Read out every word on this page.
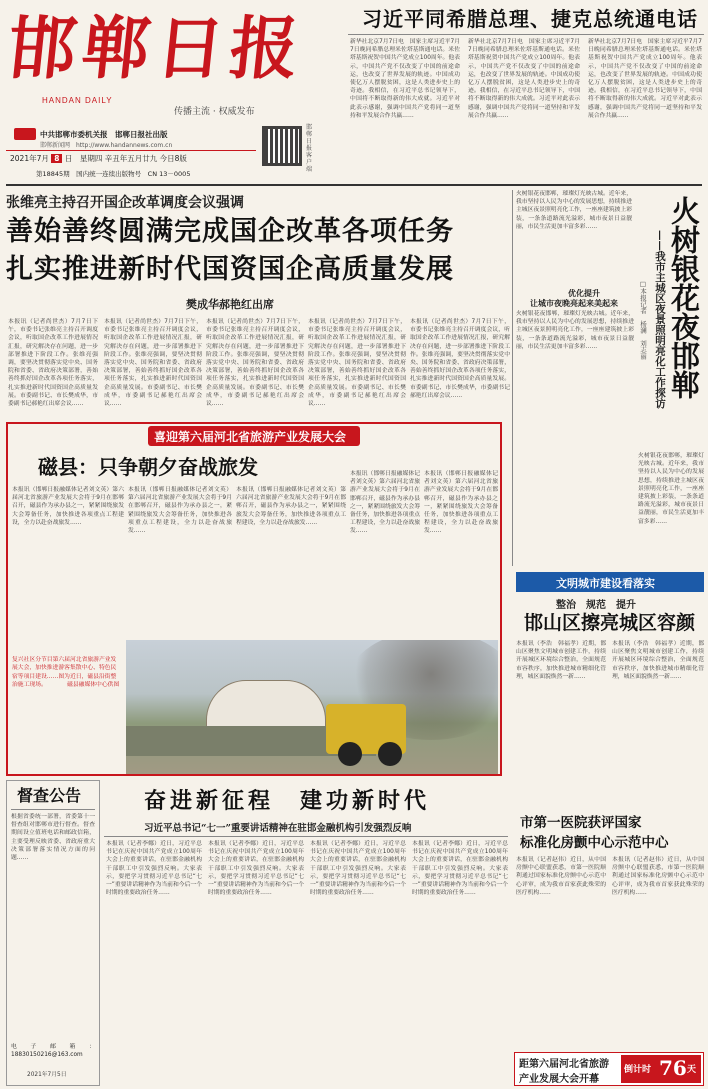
邯郸日报
HANDAN DAILY
传播主流 · 权威发布
中共邯郸市委机关报　邯郸日报社出版
邯郸新闻网　http://www.handannews.com.cn
2021年7月 8 日　星期四 辛丑年五月廿九 今日8版
第18845期　国内统一连续出版物号　CN 13－0005
邯郸日报客户端
习近平同希腊总理、捷克总统通电话
新华社北京7月7日电　国家主席习近平7月7日晚同希腊总理米佐塔基斯通电话。米佐塔基斯祝贺中国共产党成立100周年。他表示，中国共产党不仅改变了中国的前途命运，也改变了世界发展的轨迹。中国成功使亿万人摆脱贫困，这是人类进步史上的奇迹。我相信，在习近平总书记领导下，中国将不断取得新的伟大成就。习近平对此表示感谢，强调中国共产党将同一道坚持和平发展合作共赢……
新华社北京7月7日电　国家主席习近平7月7日晚同希腊总理米佐塔基斯通电话。米佐塔基斯祝贺中国共产党成立100周年。他表示，中国共产党不仅改变了中国的前途命运，也改变了世界发展的轨迹。中国成功使亿万人摆脱贫困，这是人类进步史上的奇迹。我相信，在习近平总书记领导下，中国将不断取得新的伟大成就。习近平对此表示感谢，强调中国共产党将同一道坚持和平发展合作共赢……
新华社北京7月7日电　国家主席习近平7月7日晚同希腊总理米佐塔基斯通电话。米佐塔基斯祝贺中国共产党成立100周年。他表示，中国共产党不仅改变了中国的前途命运，也改变了世界发展的轨迹。中国成功使亿万人摆脱贫困，这是人类进步史上的奇迹。我相信，在习近平总书记领导下，中国将不断取得新的伟大成就。习近平对此表示感谢，强调中国共产党将同一道坚持和平发展合作共赢……
张维亮主持召开国企改革调度会议强调
善始善终圆满完成国企改革各项任务
扎实推进新时代国资国企高质量发展
樊成华郝艳红出席
本报讯（记者尚世杰）7月7日下午，市委书记张维亮主持召开调度会议，听取国企改革工作进展情况汇报，研究解决存在问题，进一步部署推进下阶段工作。张维亮强调，要坚决贯彻落实党中央、国务院和省委、省政府决策部署，善始善终抓好国企改革各项任务落实，扎实推进新时代国资国企高质量发展。市委副书记、市长樊成华，市委副书记郝艳红出席会议……
本报讯（记者尚世杰）7月7日下午，市委书记张维亮主持召开调度会议，听取国企改革工作进展情况汇报，研究解决存在问题，进一步部署推进下阶段工作。张维亮强调，要坚决贯彻落实党中央、国务院和省委、省政府决策部署，善始善终抓好国企改革各项任务落实，扎实推进新时代国资国企高质量发展。市委副书记、市长樊成华，市委副书记郝艳红出席会议……
本报讯（记者尚世杰）7月7日下午，市委书记张维亮主持召开调度会议，听取国企改革工作进展情况汇报，研究解决存在问题，进一步部署推进下阶段工作。张维亮强调，要坚决贯彻落实党中央、国务院和省委、省政府决策部署，善始善终抓好国企改革各项任务落实，扎实推进新时代国资国企高质量发展。市委副书记、市长樊成华，市委副书记郝艳红出席会议……
本报讯（记者尚世杰）7月7日下午，市委书记张维亮主持召开调度会议，听取国企改革工作进展情况汇报，研究解决存在问题，进一步部署推进下阶段工作。张维亮强调，要坚决贯彻落实党中央、国务院和省委、省政府决策部署，善始善终抓好国企改革各项任务落实，扎实推进新时代国资国企高质量发展。市委副书记、市长樊成华，市委副书记郝艳红出席会议……
本报讯（记者尚世杰）7月7日下午，市委书记张维亮主持召开调度会议，听取国企改革工作进展情况汇报，研究解决存在问题，进一步部署推进下阶段工作。张维亮强调，要坚决贯彻落实党中央、国务院和省委、省政府决策部署，善始善终抓好国企改革各项任务落实，扎实推进新时代国资国企高质量发展。市委副书记、市长樊成华，市委副书记郝艳红出席会议……
喜迎第六届河北省旅游产业发展大会
磁县：只争朝夕奋战旅发
本报讯（邯郸日报融媒体记者刘文英）第六届河北省旅游产业发展大会将于9月在邯郸召开，磁县作为承办县之一，紧紧围绕旅发大会筹备任务，加快推进各项重点工程建设，全力以赴奋战旅发……
本报讯（邯郸日报融媒体记者刘文英）第六届河北省旅游产业发展大会将于9月在邯郸召开，磁县作为承办县之一，紧紧围绕旅发大会筹备任务，加快推进各项重点工程建设，全力以赴奋战旅发……
本报讯（邯郸日报融媒体记者刘文英）第六届河北省旅游产业发展大会将于9月在邯郸召开，磁县作为承办县之一，紧紧围绕旅发大会筹备任务，加快推进各项重点工程建设，全力以赴奋战旅发……
本报讯（邯郸日报融媒体记者刘文英）第六届河北省旅游产业发展大会将于9月在邯郸召开，磁县作为承办县之一，紧紧围绕旅发大会筹备任务，加快推进各项重点工程建设，全力以赴奋战旅发……
本报讯（邯郸日报融媒体记者刘文英）第六届河北省旅游产业发展大会将于9月在邯郸召开，磁县作为承办县之一，紧紧围绕旅发大会筹备任务，加快推进各项重点工程建设，全力以赴奋战旅发……
复兴社区分节目第六届河北省旅游产业发展大会，加快推进游客集散中心、特色民宿等项目建设……图为近日，磁县沿街整治施工现场。　　　　磁县融媒体中心供图
奋进新征程　建功新时代
习近平总书记“七一”重要讲话精神在驻邯金融机构引发强烈反响
本报讯（记者李娜）近日，习近平总书记在庆祝中国共产党成立100周年大会上的重要讲话，在驻邯金融机构干部职工中引发强烈反响。大家表示，要把学习贯彻习近平总书记“七一”重要讲话精神作为当前和今后一个时期的重要政治任务……
本报讯（记者李娜）近日，习近平总书记在庆祝中国共产党成立100周年大会上的重要讲话，在驻邯金融机构干部职工中引发强烈反响。大家表示，要把学习贯彻习近平总书记“七一”重要讲话精神作为当前和今后一个时期的重要政治任务……
本报讯（记者李娜）近日，习近平总书记在庆祝中国共产党成立100周年大会上的重要讲话，在驻邯金融机构干部职工中引发强烈反响。大家表示，要把学习贯彻习近平总书记“七一”重要讲话精神作为当前和今后一个时期的重要政治任务……
本报讯（记者李娜）近日，习近平总书记在庆祝中国共产党成立100周年大会上的重要讲话，在驻邯金融机构干部职工中引发强烈反响。大家表示，要把学习贯彻习近平总书记“七一”重要讲话精神作为当前和今后一个时期的重要政治任务……
督查公告
根据省委统一部署，省委第十一督查组对邯郸市进行督查。督查期间设立值班电话和邮政信箱，主要受理反映省委、省政府重大决策部署落实情况方面的问题……
电子邮箱：18830150216@163.com
2021年7月5日
火树银花夜邯郸，璀璨灯光映古城。近年来，我市坚持以人民为中心的发展思想，持续推进主城区夜景照明亮化工作，一座座建筑披上彩装，一条条道路流光溢彩，城市夜景日益靓丽，市民生活更加丰富多彩……	火树银花夜邯郸
——我市主城区夜景照明亮化工作探访
□本报记者　杨澜　刘志丽
优化提升
让城市夜晚亮起来美起来
火树银花夜邯郸，璀璨灯光映古城。近年来，我市坚持以人民为中心的发展思想，持续推进主城区夜景照明亮化工作，一座座建筑披上彩装，一条条道路流光溢彩，城市夜景日益靓丽，市民生活更加丰富多彩……
火树银花夜邯郸，璀璨灯光映古城。近年来，我市坚持以人民为中心的发展思想，持续推进主城区夜景照明亮化工作，一座座建筑披上彩装，一条条道路流光溢彩，城市夜景日益靓丽，市民生活更加丰富多彩……
文明城市建设看落实
整治　规范　提升
邯山区擦亮城区容颜
本报讯（李浩　韩福孝）近期，邯山区聚焦文明城市创建工作，持续开展城区环境综合整治，全面规范市容秩序，加快推进城市精细化管理，城区面貌焕然一新……
本报讯（李浩　韩福孝）近期，邯山区聚焦文明城市创建工作，持续开展城区环境综合整治，全面规范市容秩序，加快推进城市精细化管理，城区面貌焕然一新……
市第一医院获评国家
标准化房颤中心示范中心
本报讯（记者赵伟）近日，从中国房颤中心联盟获悉，市第一医院顺利通过国家标准化房颤中心示范中心评审，成为我市首家获此殊荣的医疗机构……
本报讯（记者赵伟）近日，从中国房颤中心联盟获悉，市第一医院顺利通过国家标准化房颤中心示范中心评审，成为我市首家获此殊荣的医疗机构……
距第六届河北省旅游
产业发展大会开幕
倒计时 76 天
